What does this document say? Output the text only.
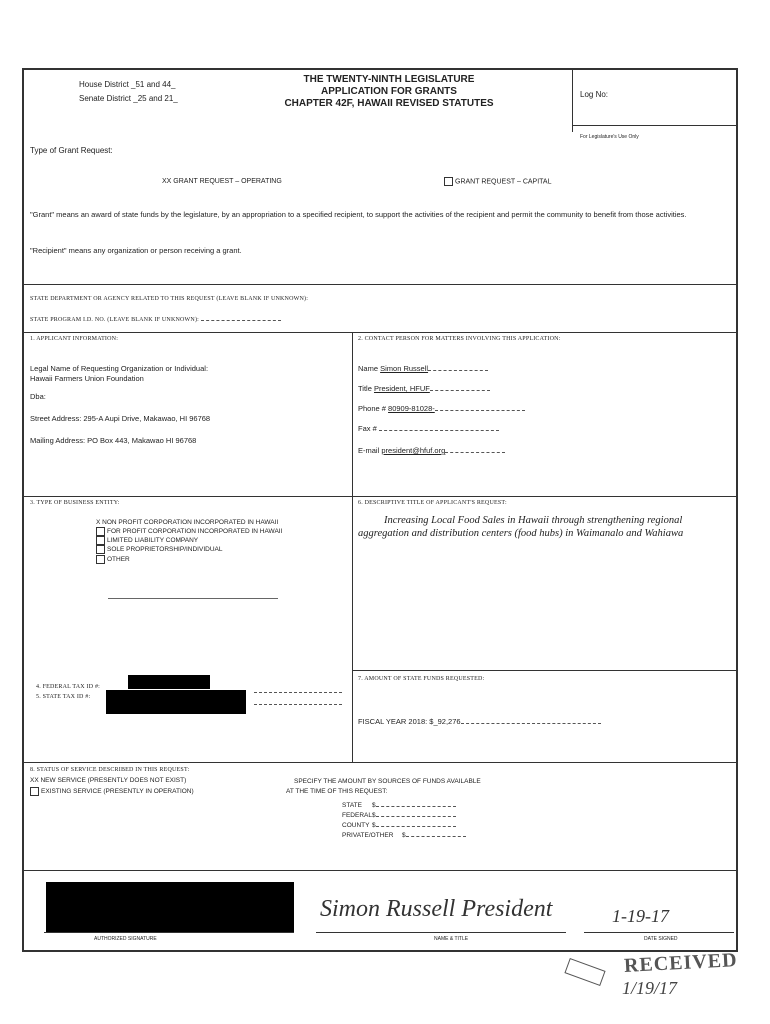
House District _51 and 44_
Senate District _25 and 21_
THE TWENTY-NINTH LEGISLATURE
APPLICATION FOR GRANTS
CHAPTER 42F, HAWAII REVISED STATUTES
Log No:
For Legislature's Use Only
Type of Grant Request:
XX GRANT REQUEST – OPERATING	GRANT REQUEST – CAPITAL
"Grant" means an award of state funds by the legislature, by an appropriation to a specified recipient, to support the activities of the recipient and permit the community to benefit from those activities.
"Recipient" means any organization or person receiving a grant.
STATE DEPARTMENT OR AGENCY RELATED TO THIS REQUEST (LEAVE BLANK IF UNKNOWN):
STATE PROGRAM I.D. NO. (LEAVE BLANK IF UNKNOWN):
1. APPLICANT INFORMATION:
Legal Name of Requesting Organization or Individual:
Hawaii Farmers Union Foundation
Dba:
Street Address: 295-A Aupi Drive, Makawao, HI 96768
Mailing Address: PO Box 443, Makawao HI 96768
2. CONTACT PERSON FOR MATTERS INVOLVING THIS APPLICATION:
Name Simon Russell
Title President, HFUF
Phone # 80909-81028-
Fax #
E-mail president@hfuf.org
3. TYPE OF BUSINESS ENTITY:
X NON PROFIT CORPORATION INCORPORATED IN HAWAII
FOR PROFIT CORPORATION INCORPORATED IN HAWAII
LIMITED LIABILITY COMPANY
SOLE PROPRIETORSHIP/INDIVIDUAL
OTHER
6. DESCRIPTIVE TITLE OF APPLICANT'S REQUEST:
Increasing Local Food Sales in Hawaii through strengthening regional aggregation and distribution centers (food hubs) in Waimanalo and Wahiawa
4. FEDERAL TAX ID #:
5. STATE TAX ID #:
7. AMOUNT OF STATE FUNDS REQUESTED:
FISCAL YEAR 2018: $_92,276
8. STATUS OF SERVICE DESCRIBED IN THIS REQUEST:
XX NEW SERVICE (PRESENTLY DOES NOT EXIST)
EXISTING SERVICE (PRESENTLY IN OPERATION)
SPECIFY THE AMOUNT BY SOURCES OF FUNDS AVAILABLE
AT THE TIME OF THIS REQUEST:
STATE $
FEDERAL$
COUNTY $
PRIVATE/OTHER $
AUTHORIZED SIGNATURE
Simon Russell President
NAME & TITLE
1-19-17
DATE SIGNED
RECEIVED
1/19/17
